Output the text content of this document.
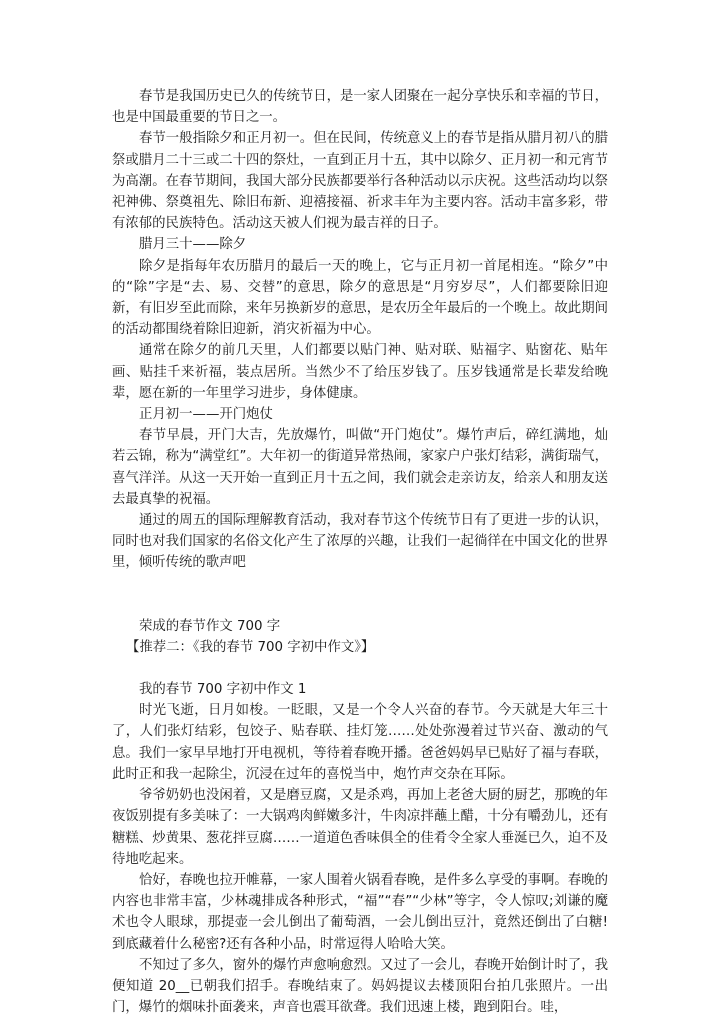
春节是我国历史已久的传统节日，是一家人团聚在一起分享快乐和幸福的节日，也是中国最重要的节日之一。

春节一般指除夕和正月初一。但在民间，传统意义上的春节是指从腊月初八的腊祭或腊月二十三或二十四的祭灶，一直到正月十五，其中以除夕、正月初一和元宵节为高潮。在春节期间，我国大部分民族都要举行各种活动以示庆祝。这些活动均以祭祀神佛、祭奠祖先、除旧布新、迎禧接福、祈求丰年为主要内容。活动丰富多彩，带有浓郁的民族特色。活动这天被人们视为最吉祥的日子。

腊月三十——除夕

除夕是指每年农历腊月的最后一天的晚上，它与正月初一首尾相连。“除夕”中的“除”字是“去、易、交替”的意思，除夕的意思是“月穷岁尽”，人们都要除旧迎新，有旧岁至此而除，来年另换新岁的意思，是农历全年最后的一个晚上。故此期间的活动都围绕着除旧迎新，消灾祈福为中心。

通常在除夕的前几天里，人们都要以贴门神、贴对联、贴福字、贴窗花、贴年画、贴挂千来祈福，装点居所。当然少不了给压岁钱了。压岁钱通常是长辈发给晚辈，愿在新的一年里学习进步，身体健康。

正月初一——开门炮仗

春节早晨，开门大吉，先放爆竹，叫做“开门炮仗”。爆竹声后，碎红满地，灿若云锦，称为“满堂红”。大年初一的街道异常热闹，家家户户张灯结彩，满街瑞气，喜气洋洋。从这一天开始一直到正月十五之间，我们就会走亲访友，给亲人和朋友送去最真挚的祝福。

通过的周五的国际理解教育活动，我对春节这个传统节日有了更进一步的认识，同时也对我们国家的名俗文化产生了浓厚的兴趣，让我们一起徜徉在中国文化的世界里，倾听传统的歌声吧

荣成的春节作文 700 字

【推荐二：《我的春节 700 字初中作文》】

我的春节 700 字初中作文 1

时光飞逝，日月如梭。一眨眼，又是一个令人兴奋的春节。今天就是大年三十了，人们张灯结彩，包饺子、贴春联、挂灯笼……处处弥漫着过节兴奋、激动的气息。我们一家早早地打开电视机，等待着春晚开播。爸爸妈妈早已贴好了福与春联，此时正和我一起除尘，沉浸在过年的喜悦当中，炮竹声交杂在耳际。

爷爷奶奶也没闲着，又是磨豆腐，又是杀鸡，再加上老爸大厨的厨艺，那晚的年夜饭别提有多美味了：一大锅鸡肉鲜嫩多汁，牛肉凉拌蘸上醋，十分有嚼劲儿，还有糖糕、炒黄果、葱花拌豆腐……一道道色香味俱全的佳肴令全家人垂涎已久，迫不及待地吃起来。

恰好，春晚也拉开帷幕，一家人围着火锅看春晚，是件多么享受的事啊。春晚的内容也非常丰富，少林魂排成各种形式，“福”“春”“少林”等字，令人惊叹;刘谦的魔术也令人眼球，那提壶一会儿倒出了葡萄酒，一会儿倒出豆汁，竟然还倒出了白糖!到底藏着什么秘密?还有各种小品，时常逗得人哈哈大笑。

不知过了多久，窗外的爆竹声愈响愈烈。又过了一会儿，春晚开始倒计时了，我便知道 20__已朝我们招手。春晚结束了。妈妈提议去楼顶阳台拍几张照片。一出门，爆竹的烟味扑面袭来，声音也震耳欲聋。我们迅速上楼，跑到阳台。哇，
